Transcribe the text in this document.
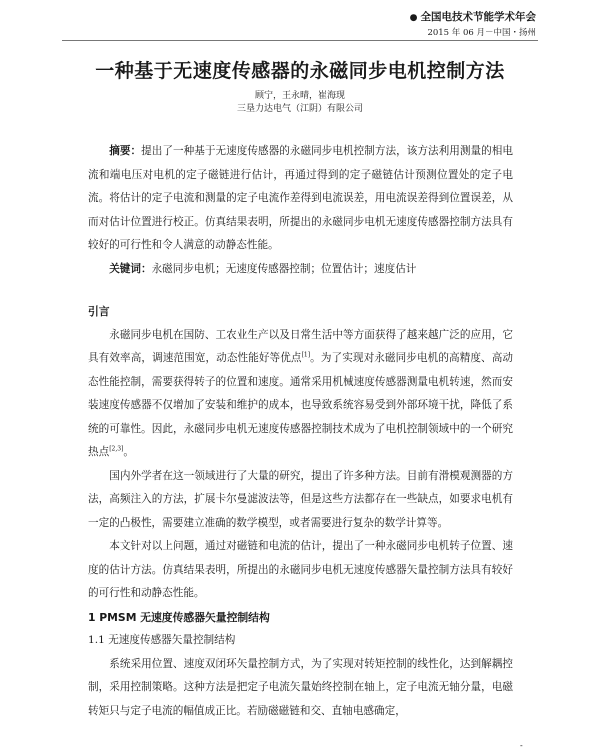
● 全国电技术节能学术年会
2015 年 06 月－中国・扬州
一种基于无速度传感器的永磁同步电机控制方法
顾宁，王永晴，崔海现
三垦力达电气（江阴）有限公司

摘要：提出了一种基于无速度传感器的永磁同步电机控制方法，该方法利用测量的相电流和端电压对电机的定子磁链进行估计，再通过得到的定子磁链估计预测位置处的定子电流。将估计的定子电流和测量的定子电流作差得到电流误差，用电流误差得到位置误差，从而对估计位置进行校正。仿真结果表明，所提出的永磁同步电机无速度传感器控制方法具有较好的可行性和令人满意的动静态性能。

关键词：永磁同步电机；无速度传感器控制；位置估计；速度估计

引言

永磁同步电机在国防、工农业生产以及日常生活中等方面获得了越来越广泛的应用，它具有效率高，调速范围宽，动态性能好等优点[1]。为了实现对永磁同步电机的高精度、高动态性能控制，需要获得转子的位置和速度。通常采用机械速度传感器测量电机转速，然而安装速度传感器不仅增加了安装和维护的成本，也导致系统容易受到外部环境干扰，降低了系统的可靠性。因此，永磁同步电机无速度传感器控制技术成为了电机控制领域中的一个研究热点[2,3]。

国内外学者在这一领域进行了大量的研究，提出了许多种方法。目前有滑模观测器的方法，高频注入的方法，扩展卡尔曼滤波法等，但是这些方法都存在一些缺点，如要求电机有一定的凸极性，需要建立准确的数学模型，或者需要进行复杂的数学计算等。

本文针对以上问题，通过对磁链和电流的估计，提出了一种永磁同步电机转子位置、速度的估计方法。仿真结果表明，所提出的永磁同步电机无速度传感器矢量控制方法具有较好的可行性和动静态性能。

1 PMSM 无速度传感器矢量控制结构

1.1 无速度传感器矢量控制结构

系统采用位置、速度双闭环矢量控制方式，为了实现对转矩控制的线性化，达到解耦控制，采用控制策略。这种方法是把定子电流矢量始终控制在轴上，定子电流无轴分量，电磁转矩只与定子电流的幅值成正比。若励磁磁链和交、直轴电感确定，

-
